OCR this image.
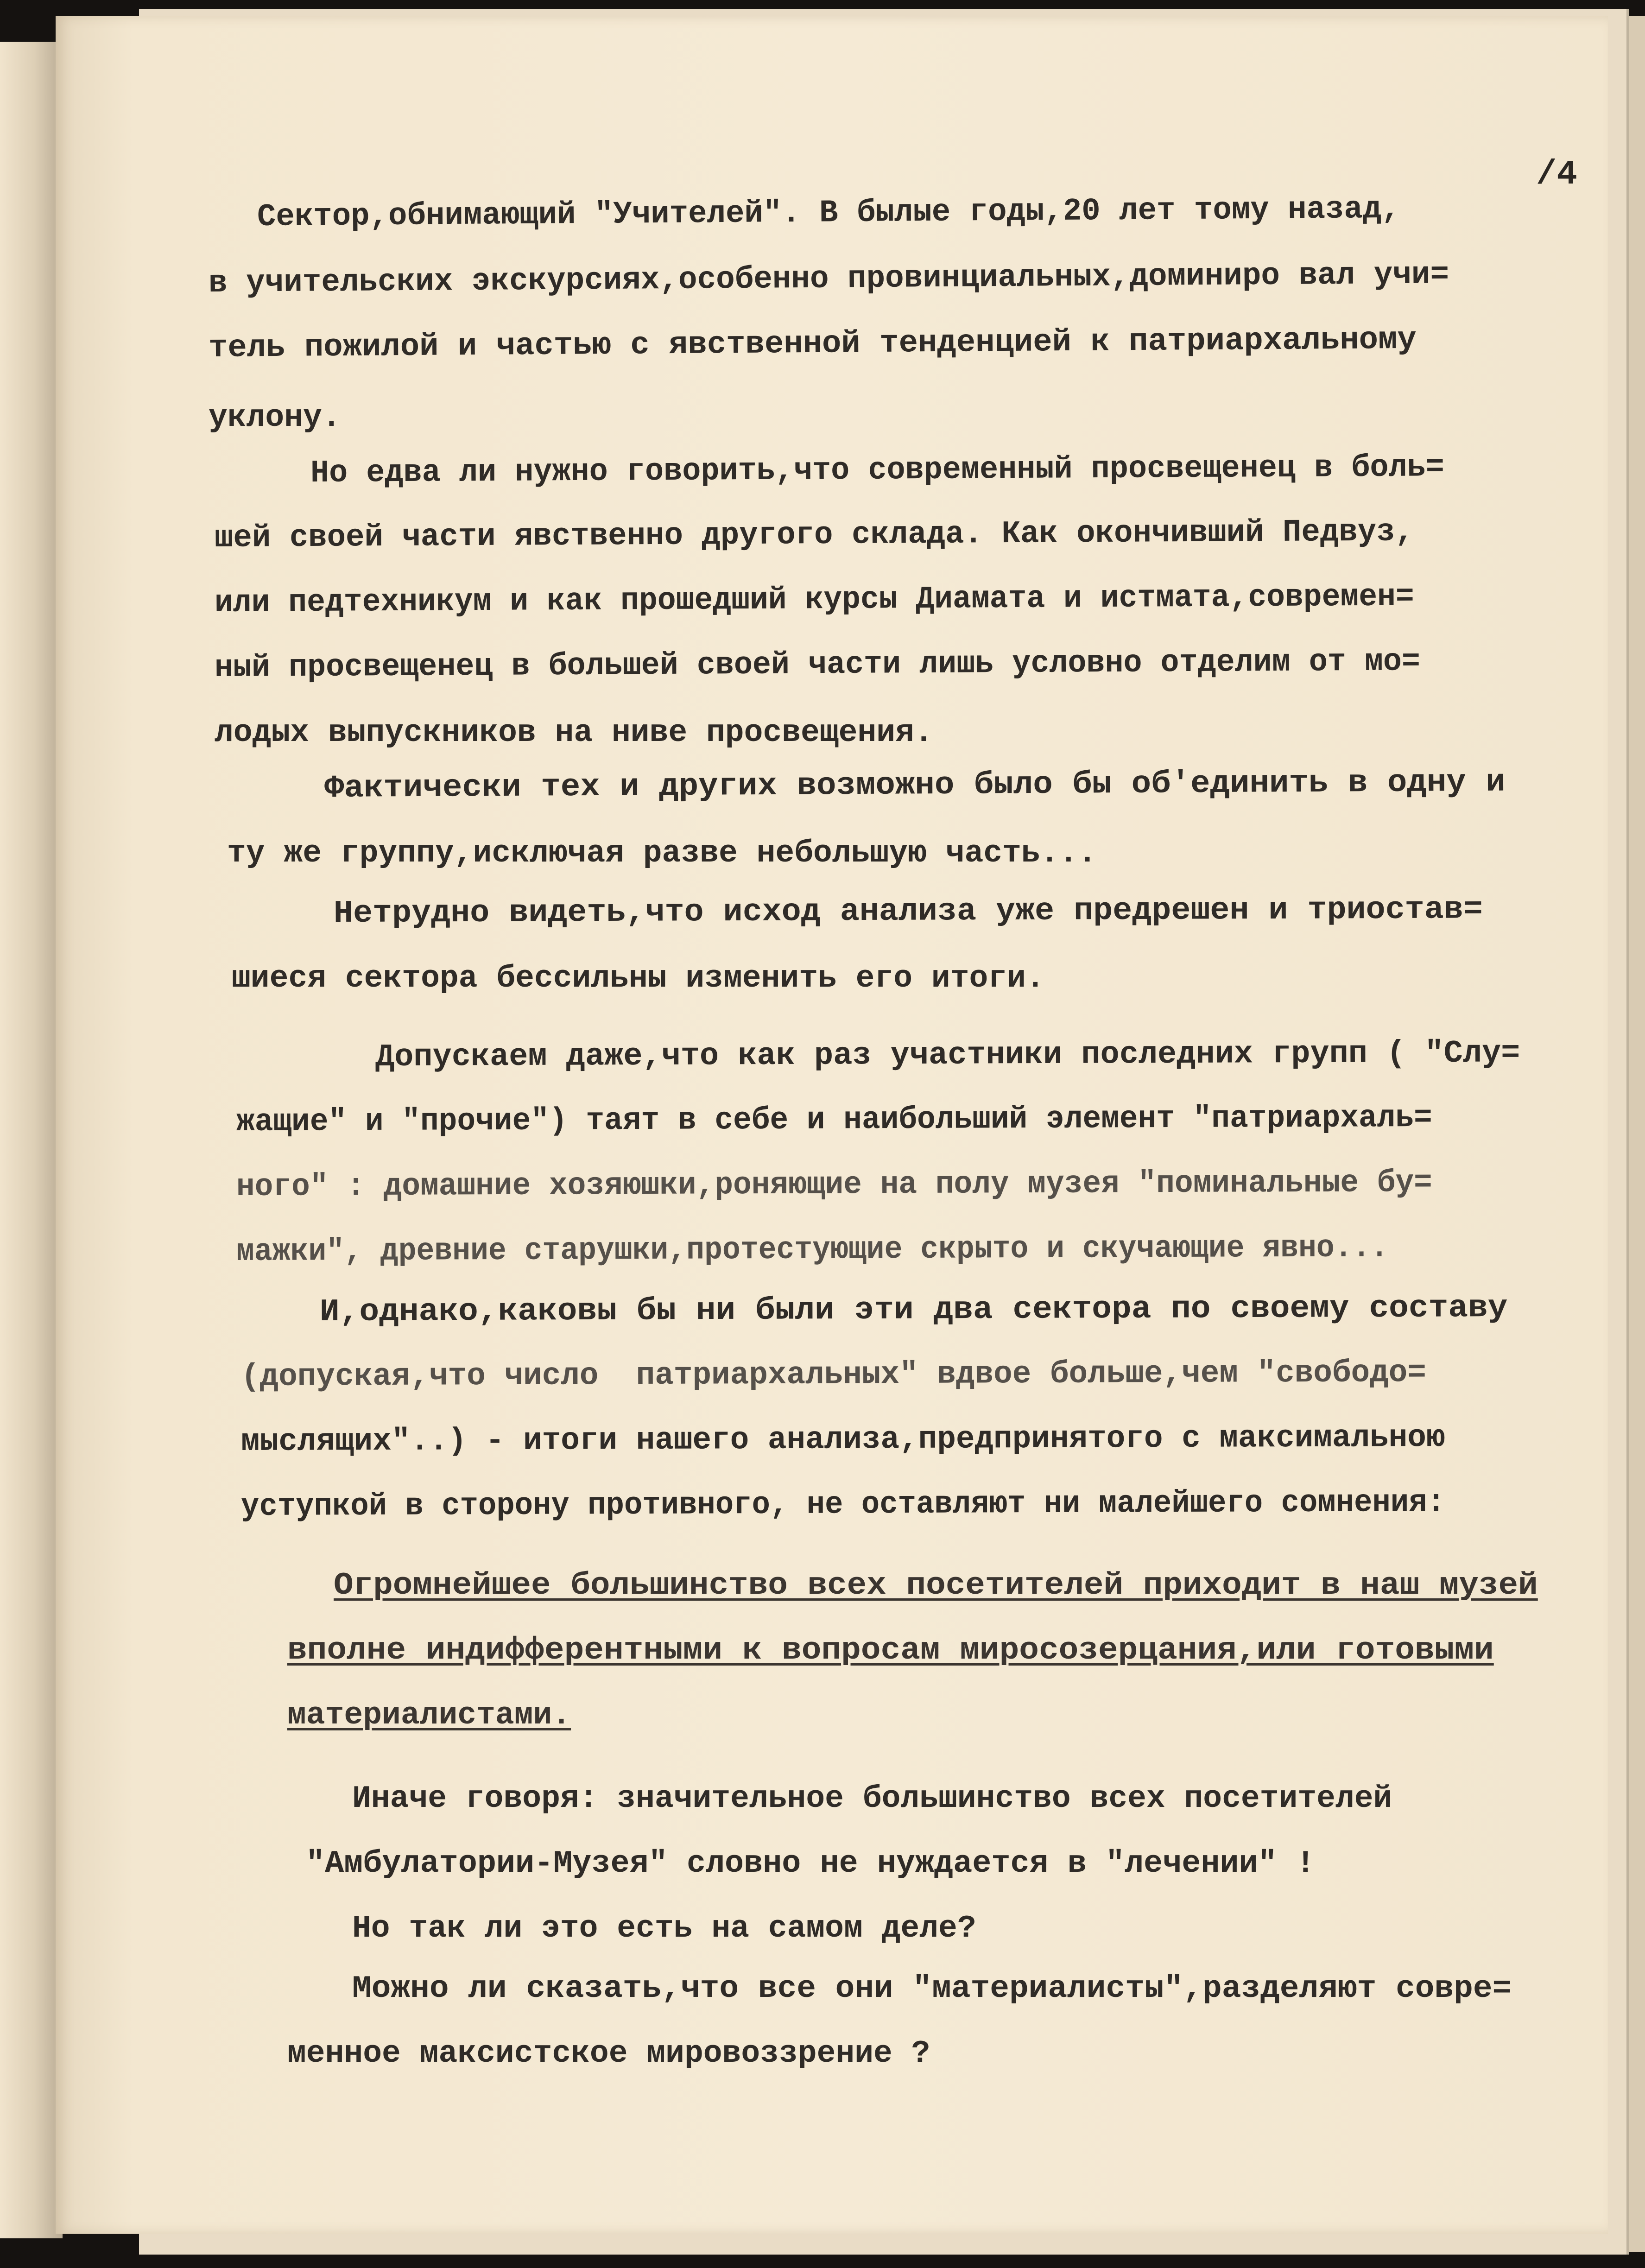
/4
Сектор,обнимающий "Учителей". В былые годы,20 лет тому назад,
в учительских экскурсиях,особенно провинциальных,доминиро вал учи=
тель пожилой и частью с явственной тенденцией к патриархальному
уклону.
Но едва ли нужно говорить,что современный просвещенец в боль=
шей своей части явственно другого склада. Как окончивший Педвуз,
или педтехникум и как прошедший курсы Диамата и истмата,современ=
ный просвещенец в большей своей части лишь условно отделим от мо=
лодых выпускников на ниве просвещения.
Фактически тех и других возможно было бы об'единить в одну и
ту же группу,исключая разве небольшую часть...
Нетрудно видеть,что исход анализа уже предрешен и триостав=
шиеся сектора бессильны изменить его итоги.
Допускаем даже,что как раз участники последних групп ( "Слу=
жащие" и "прочие") таят в себе и наибольший элемент "патриархаль=
ного" : домашние хозяюшки,роняющие на полу музея "поминальные бу=
мажки", древние старушки,протестующие скрыто и скучающие явно...
И,однако,каковы бы ни были эти два сектора по своему составу
(допуская,что число  патриархальных" вдвое больше,чем "свободо=
мыслящих"..) - итоги нашего анализа,предпринятого с максимальною
уступкой в сторону противного, не оставляют ни малейшего сомнения:
Огромнейшее большинство всех посетителей приходит в наш музей
вполне индифферентными к вопросам миросозерцания,или готовыми
материалистами.
Иначе говоря: значительное большинство всех посетителей
"Амбулатории-Музея" словно не нуждается в "лечении" !
Но так ли это есть на самом деле?
Можно ли сказать,что все они "материалисты",разделяют совре=
менное максистское мировоззрение ?
